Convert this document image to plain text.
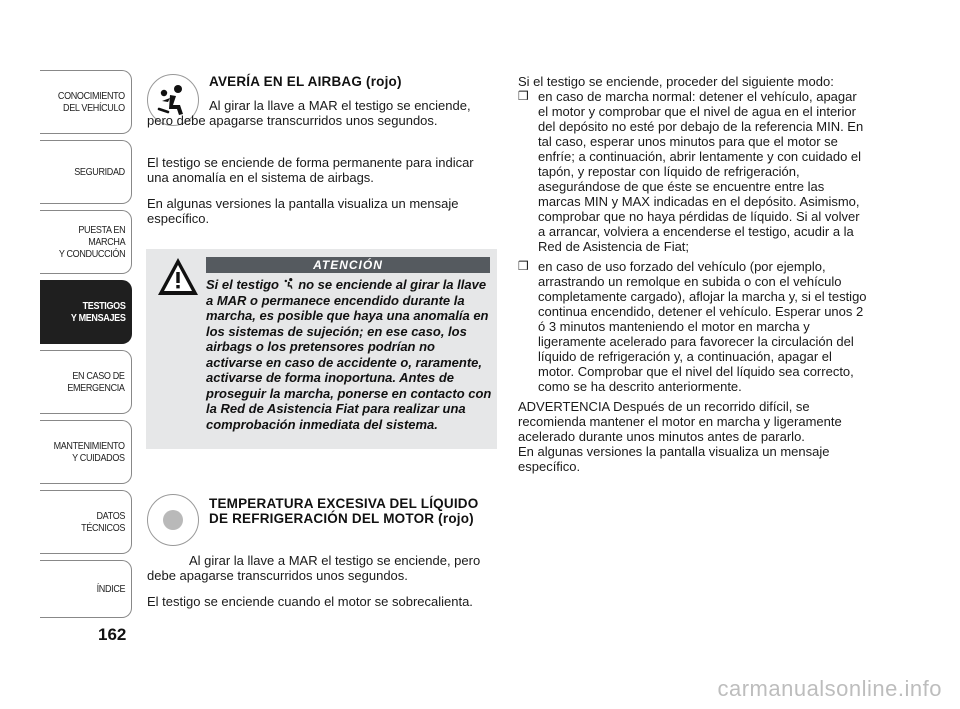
CONOCIMIENTO
DEL VEHÍCULO
SEGURIDAD
PUESTA EN
MARCHA
Y CONDUCCIÓN
TESTIGOS
Y MENSAJES
EN CASO DE
EMERGENCIA
MANTENIMIENTO
Y CUIDADOS
DATOS
TÉCNICOS
ÍNDICE
162
AVERÍA EN EL AIRBAG (rojo)

Al girar la llave a MAR el testigo se enciende, pero debe apagarse transcurridos unos segundos.

El testigo se enciende de forma permanente para indicar una anomalía en el sistema de airbags.

En algunas versiones la pantalla visualiza un mensaje específico.

ATENCIÓN
Si el testigo  no se enciende al girar la llave a MAR o permanece encendido durante la marcha, es posible que haya una anomalía en los sistemas de sujeción; en ese caso, los airbags o los pretensores podrían no activarse en caso de accidente o, raramente, activarse de forma inoportuna. Antes de proseguir la marcha, ponerse en contacto con la Red de Asistencia Fiat para realizar una comprobación inmediata del sistema.
TEMPERATURA EXCESIVA DEL LÍQUIDO DE REFRIGERACIÓN DEL MOTOR (rojo)

Al girar la llave a MAR el testigo se enciende, pero debe apagarse transcurridos unos segundos.

El testigo se enciende cuando el motor se sobrecalienta.

Si el testigo se enciende, proceder del siguiente modo:

❒ en caso de marcha normal: detener el vehículo, apagar el motor y comprobar que el nivel de agua en el interior del depósito no esté por debajo de la referencia MIN. En tal caso, esperar unos minutos para que el motor se enfríe; a continuación, abrir lentamente y con cuidado el tapón, y repostar con líquido de refrigeración, asegurándose de que éste se encuentre entre las marcas MIN y MAX indicadas en el depósito. Asimismo, comprobar que no haya pérdidas de líquido. Si al volver a arrancar, volviera a encenderse el testigo, acudir a la Red de Asistencia de Fiat;

❒ en caso de uso forzado del vehículo (por ejemplo, arrastrando un remolque en subida o con el vehículo completamente cargado), aflojar la marcha y, si el testigo continua encendido, detener el vehículo. Esperar unos 2 ó 3 minutos manteniendo el motor en marcha y ligeramente acelerado para favorecer la circulación del líquido de refrigeración y, a continuación, apagar el motor. Comprobar que el nivel del líquido sea correcto, como se ha descrito anteriormente.

ADVERTENCIA Después de un recorrido difícil, se recomienda mantener el motor en marcha y ligeramente acelerado durante unos minutos antes de pararlo.

En algunas versiones la pantalla visualiza un mensaje específico.

carmanualsonline.info
